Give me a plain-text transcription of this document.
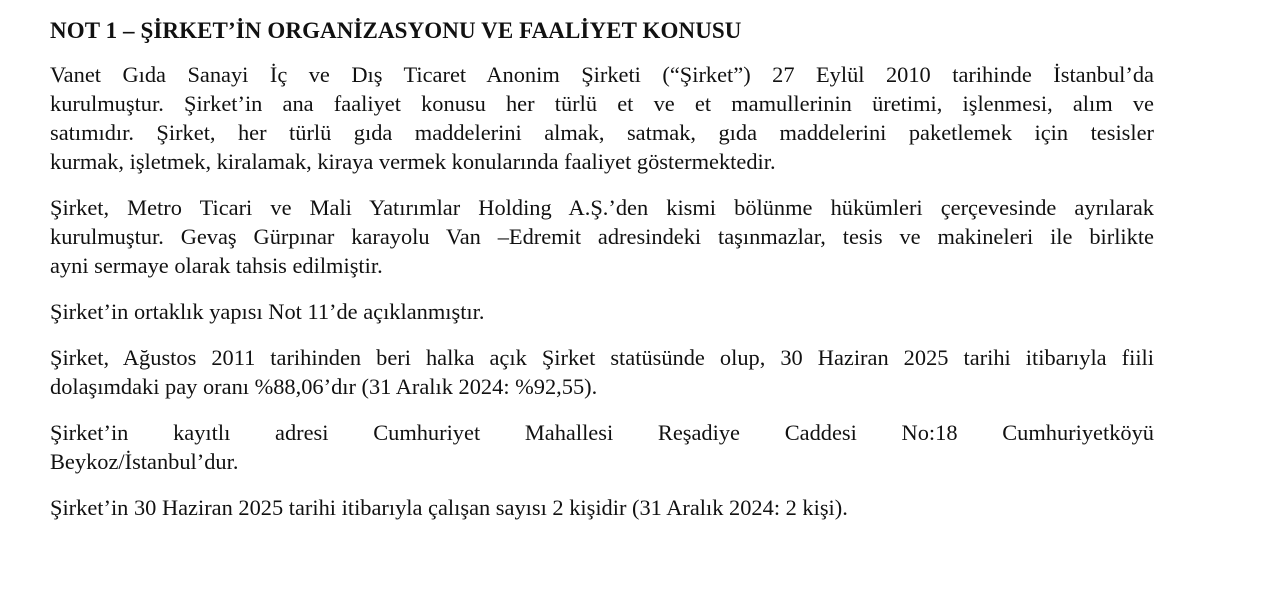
NOT 1 – ŞİRKET’İN ORGANİZASYONU VE FAALİYET KONUSU
Vanet Gıda Sanayi İç ve Dış Ticaret Anonim Şirketi (“Şirket”) 27 Eylül 2010 tarihinde İstanbul’da
kurulmuştur. Şirket’in ana faaliyet konusu her türlü et ve et mamullerinin üretimi, işlenmesi, alım ve
satımıdır. Şirket, her türlü gıda maddelerini almak, satmak, gıda maddelerini paketlemek için tesisler
kurmak, işletmek, kiralamak, kiraya vermek konularında faaliyet göstermektedir.
Şirket, Metro Ticari ve Mali Yatırımlar Holding A.Ş.’den kismi bölünme hükümleri çerçevesinde ayrılarak
kurulmuştur. Gevaş Gürpınar karayolu Van –Edremit adresindeki taşınmazlar, tesis ve makineleri ile birlikte
ayni sermaye olarak tahsis edilmiştir.
Şirket’in ortaklık yapısı Not 11’de açıklanmıştır.
Şirket, Ağustos 2011 tarihinden beri halka açık Şirket statüsünde olup, 30 Haziran 2025 tarihi itibarıyla fiili
dolaşımdaki pay oranı %88,06’dır (31 Aralık 2024: %92,55).
Şirket’in kayıtlı adresi Cumhuriyet Mahallesi Reşadiye Caddesi No:18 Cumhuriyetköyü
Beykoz/İstanbul’dur.
Şirket’in 30 Haziran 2025 tarihi itibarıyla çalışan sayısı 2 kişidir (31 Aralık 2024: 2 kişi).
